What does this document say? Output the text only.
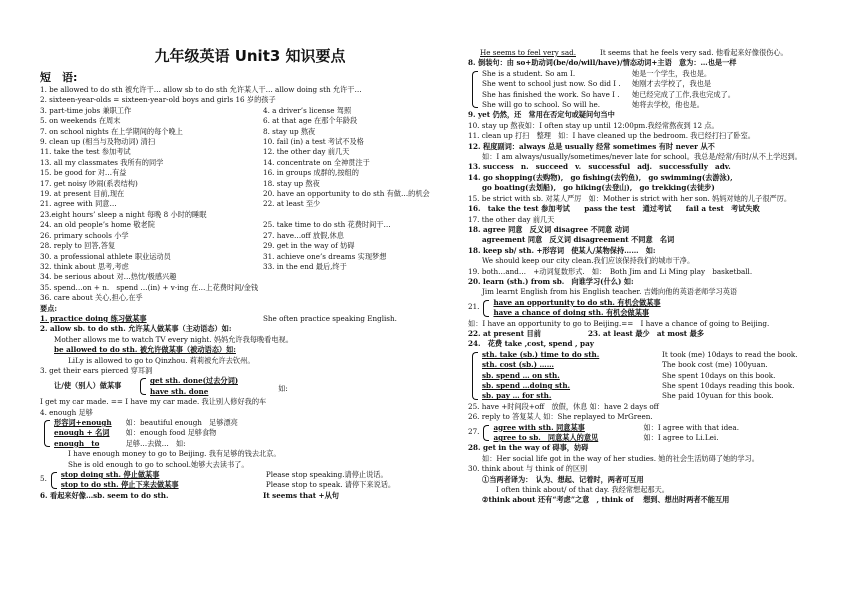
九年级英语 Unit3 知识要点
短　语:
1. be allowed to do sth 被允许干… allow sb to do sth 允许某人干… allow doing sth 允许干…
2. sixteen-year-olds = sixteen-year-old boys and girls 16 岁的孩子
3. part-time jobs 兼职工作	4. a driver’s license 驾照
5. on weekends 在周末	6. at that age 在那个年龄段
7. on school nights 在上学期间的每个晚上	8. stay up 熬夜
9. clean up (相当与及物动词) 清扫	10. fail (in) a test 考试不及格
11. take the test 参加考试	12. the other day 前几天
13. all my classmates 我所有的同学	14. concentrate on 全神贯注于
15. be good for 对…有益	16. in groups 成群的,按组的
17. get noisy 吵闹(系表结构)	18. stay up 熬夜
19. at present 目前,现在	20. have an opportunity to do sth 有做…的机会
21. agree with 同意…	22. at least 至少
23.eight hours’ sleep a night 每晚 8 小时的睡眠
24. an old people’s home 敬老院	25. take time to do sth 花费时间干…
26. primary schools 小学	27. have…off 放假,休息
28. reply to 回答,答复	29. get in the way of 妨碍
30. a professional athlete 职业运动员	31. achieve one’s dreams 实现梦想
32. think about 思考,考虑	33. in the end 最后,终于
34. be serious about 对…热忱/极感兴趣
35. spend…on + n.　spend …(in) + v-ing 在…上花费时间/金钱
36. care about 关心,担心,在乎
要点:
1. practice doing 练习做某事	She often practice speaking English.
2. allow sb. to do sth. 允许某人做某事（主动语态）如:
Mother allows me to watch TV every night. 妈妈允许我每晚看电视。
be allowed to do sth. 被允许做某事（被动语态）如:
LiLy is allowed to go to Qinzhou. 莉莉被允许去钦州。
3. get their ears pierced 穿耳洞
让/使（别人）做某事
get sth. done(过去分词)
have sth. done	如:
I get my car made. == I have my car made. 我让别人修好我的车
4. enough 足够
形容词+enough 如：beautiful enough　足够漂亮
enough + 名词	如：enough food 足够食物
enough　to	足够…去做…　如:
I have enough money to go to Beijing. 我有足够的钱去北京。
She is old enough to go to school.她够大去读书了。
5. stop doing sth. 停止做某事	Please stop speaking.请停止说话。
stop to do sth. 停止下来去做某事	Please stop to speak. 请停下来说话。
6. 看起来好像…sb. seem to do sth.	It seems that +从句
He seems to feel very sad.	It seems that he feels very sad. 他看起来好像很伤心。
8. 倒装句：由 so+助动词(be/do/will/have)/情态动词+主语　意为：…也是一样
She is a student. So am I.	她是一个学生，我也是。
She went to school just now. So did I .	她刚才去学校了，我也是
She has finished the work. So have I .	她已经完成了工作,我也完成了。
She will go to school. So will he.	她将去学校，他也是。
9. yet 仍然，还　常用在否定句或疑问句当中
10. stay up 熬夜如：I often stay up until 12:00pm.我经常熬夜到 12 点。
11. clean up 打扫　整理　如：I have cleaned up the bedroom. 我已经打扫了卧室。
12. 程度副词：always 总是 usually 经常 sometimes 有时 never 从不
如：I am always/usually/sometimes/never late for school。我总是/经常/有时/从不上学迟到。
13. success　n.　succeed　v.　successful　adj.　successfully　adv.
14. go shopping(去购物),　go fishing(去钓鱼),　go swimming(去游泳),
go boating(去划船),　go hiking(去登山),　go trekking(去徒步)
15. be strict with sb. 对某人严厉　如：Mother is strict with her son. 妈妈对她的儿子很严厉。
16.　take the test 参加考试　　pass the test　通过考试　　fail a test　考试失败
17. the other day 前几天
18. agree 同意　反义词 disagree 不同意 动词
agreement 同意　反义词 disagreement 不同意　名词
18. keep sb/ sth. +形容词　使某人/某物保持……　如:
We should keep our city clean.我们应该保持我们的城市干净。
19. both…and…　+动词复数形式.　如：　Both Jim and Li Ming play　basketball.
20. learn (sth.) from sb.　向谁学习(什么) 如:
Jim learnt English from his English teacher. 吉姆向他的英语老师学习英语
21. have an opportunity to do sth. 有机会做某事
have a chance of doing sth. 有机会做某事
如：I have an opportunity to go to Beijing.==　I have a chance of going to Beijing.
22. at present 目前	23. at least 最少　at most 最多
24.　花费 take ,cost, spend , pay
sth. take (sb.) time to do sth.	It took (me) 10days to read the book.
sth. cost (sb.) ……	The book cost (me) 100yuan.
sb. spend … on sth.	She spent 10days on this book.
sb. spend …doing sth.	She spent 10days reading this book.
sb. pay … for sth.	She paid 10yuan for this book.
25. have +时间段+off　放假，休息 如：have 2 days off
26. reply to 答复某人 如：She replayed to MrGreen.
27. agree with sth. 同意某事	如：I agree with that idea.
agree to sb.　同意某人的意见	如：I agree to Li.Lei.
28. get in the way of 碍事，妨碍
如：Her social life got in the way of her studies. 她的社会生活妨碍了她的学习。
30. think about 与 think of 的区别
①当两者译为：　认为、想起、记着时，两者可互用
I often think about/ of that day. 我经常想起那天。
②think about 还有“考虑”之意　, think of　 想到、想出时两者不能互用
